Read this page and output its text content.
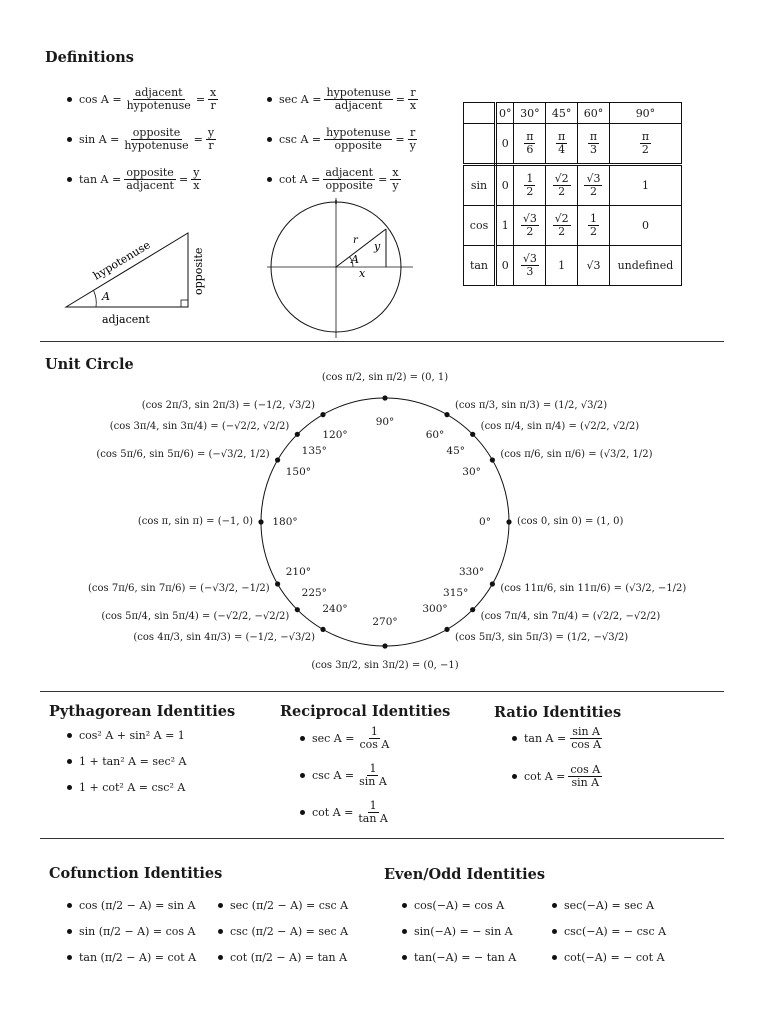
Definitions
$\cos A = \frac{\text{adjacent}}{\text{hypotenuse}} = \frac{x}{r}$
$\sin A = \frac{\text{opposite}}{\text{hypotenuse}} = \frac{y}{r}$
$\tan A = \frac{\text{opposite}}{\text{adjacent}} = \frac{y}{x}$
$\sec A = \frac{\text{hypotenuse}}{\text{adjacent}} = \frac{r}{x}$
$\csc A = \frac{\text{hypotenuse}}{\text{opposite}} = \frac{r}{y}$
$\cot A = \frac{\text{adjacent}}{\text{opposite}} = \frac{x}{y}$
A
adjacent
hypotenuse	opposite	A
r y
x
	0°	30°	45°	60°	90°
	0	$\frac{\pi}{6}$	$\frac{\pi}{4}$	$\frac{\pi}{3}$	$\frac{\pi}{2}$

sin	0	$\frac{1}{2}$	$\frac{√2}{2}$	$\frac{√3}{2}$	1
cos	1	$\frac{√3}{2}$	$\frac{√2}{2}$	$\frac{1}{2}$	0
tan	0	$\frac{√3}{3}$	1	√3	undefined
Unit Circle
0°
30°
45°
60°
90°
120°
135°
150°
180°
210°
225°
240°
270°
300°
315°
330°
(cos π/2, sin π/2) = (0, 1)
(cos π/3, sin π/3) = (1/2, √3/2)
(cos π/4, sin π/4) = (√2/2, √2/2)
(cos π/6, sin π/6) = (√3/2, 1/2)
(cos 0, sin 0) = (1, 0)
(cos 11π/6, sin 11π/6) = (√3/2, −1/2)
(cos 7π/4, sin 7π/4) = (√2/2, −√2/2)
(cos 5π/3, sin 5π/3) = (1/2, −√3/2)
(cos 3π/2, sin 3π/2) = (0, −1)
(cos 4π/3, sin 4π/3) = (−1/2, −√3/2)
(cos 5π/4, sin 5π/4) = (−√2/2, −√2/2)
(cos 7π/6, sin 7π/6) = (−√3/2, −1/2)
(cos π, sin π) = (−1, 0)
(cos 5π/6, sin 5π/6) = (−√3/2, 1/2)
(cos 3π/4, sin 3π/4) = (−√2/2, √2/2)
(cos 2π/3, sin 2π/3) = (−1/2, √3/2)
Pythagorean Identities
cos² A + sin² A = 1
1 + tan² A = sec² A
1 + cot² A = csc² A
Reciprocal Identities
$\sec A = \frac{1}{\text{cos A}}$
$\csc A = \frac{1}{\text{sin A}}$
$\cot A = \frac{1}{\text{tan A}}$
Ratio Identities
$\tan A = \frac{\text{sin A}}{\text{cos A}}$
$\cot A = \frac{\text{cos A}}{\text{sin A}}$
Cofunction Identities
cos (π/2 − A) = sin A
sin (π/2 − A) = cos A
tan (π/2 − A) = cot A
sec (π/2 − A) = csc A
csc (π/2 − A) = sec A
cot (π/2 − A) = tan A
Even/Odd Identities
cos(−A) = cos A
sin(−A) = − sin A
tan(−A) = − tan A
sec(−A) = sec A
csc(−A) = − csc A
cot(−A) = − cot A
